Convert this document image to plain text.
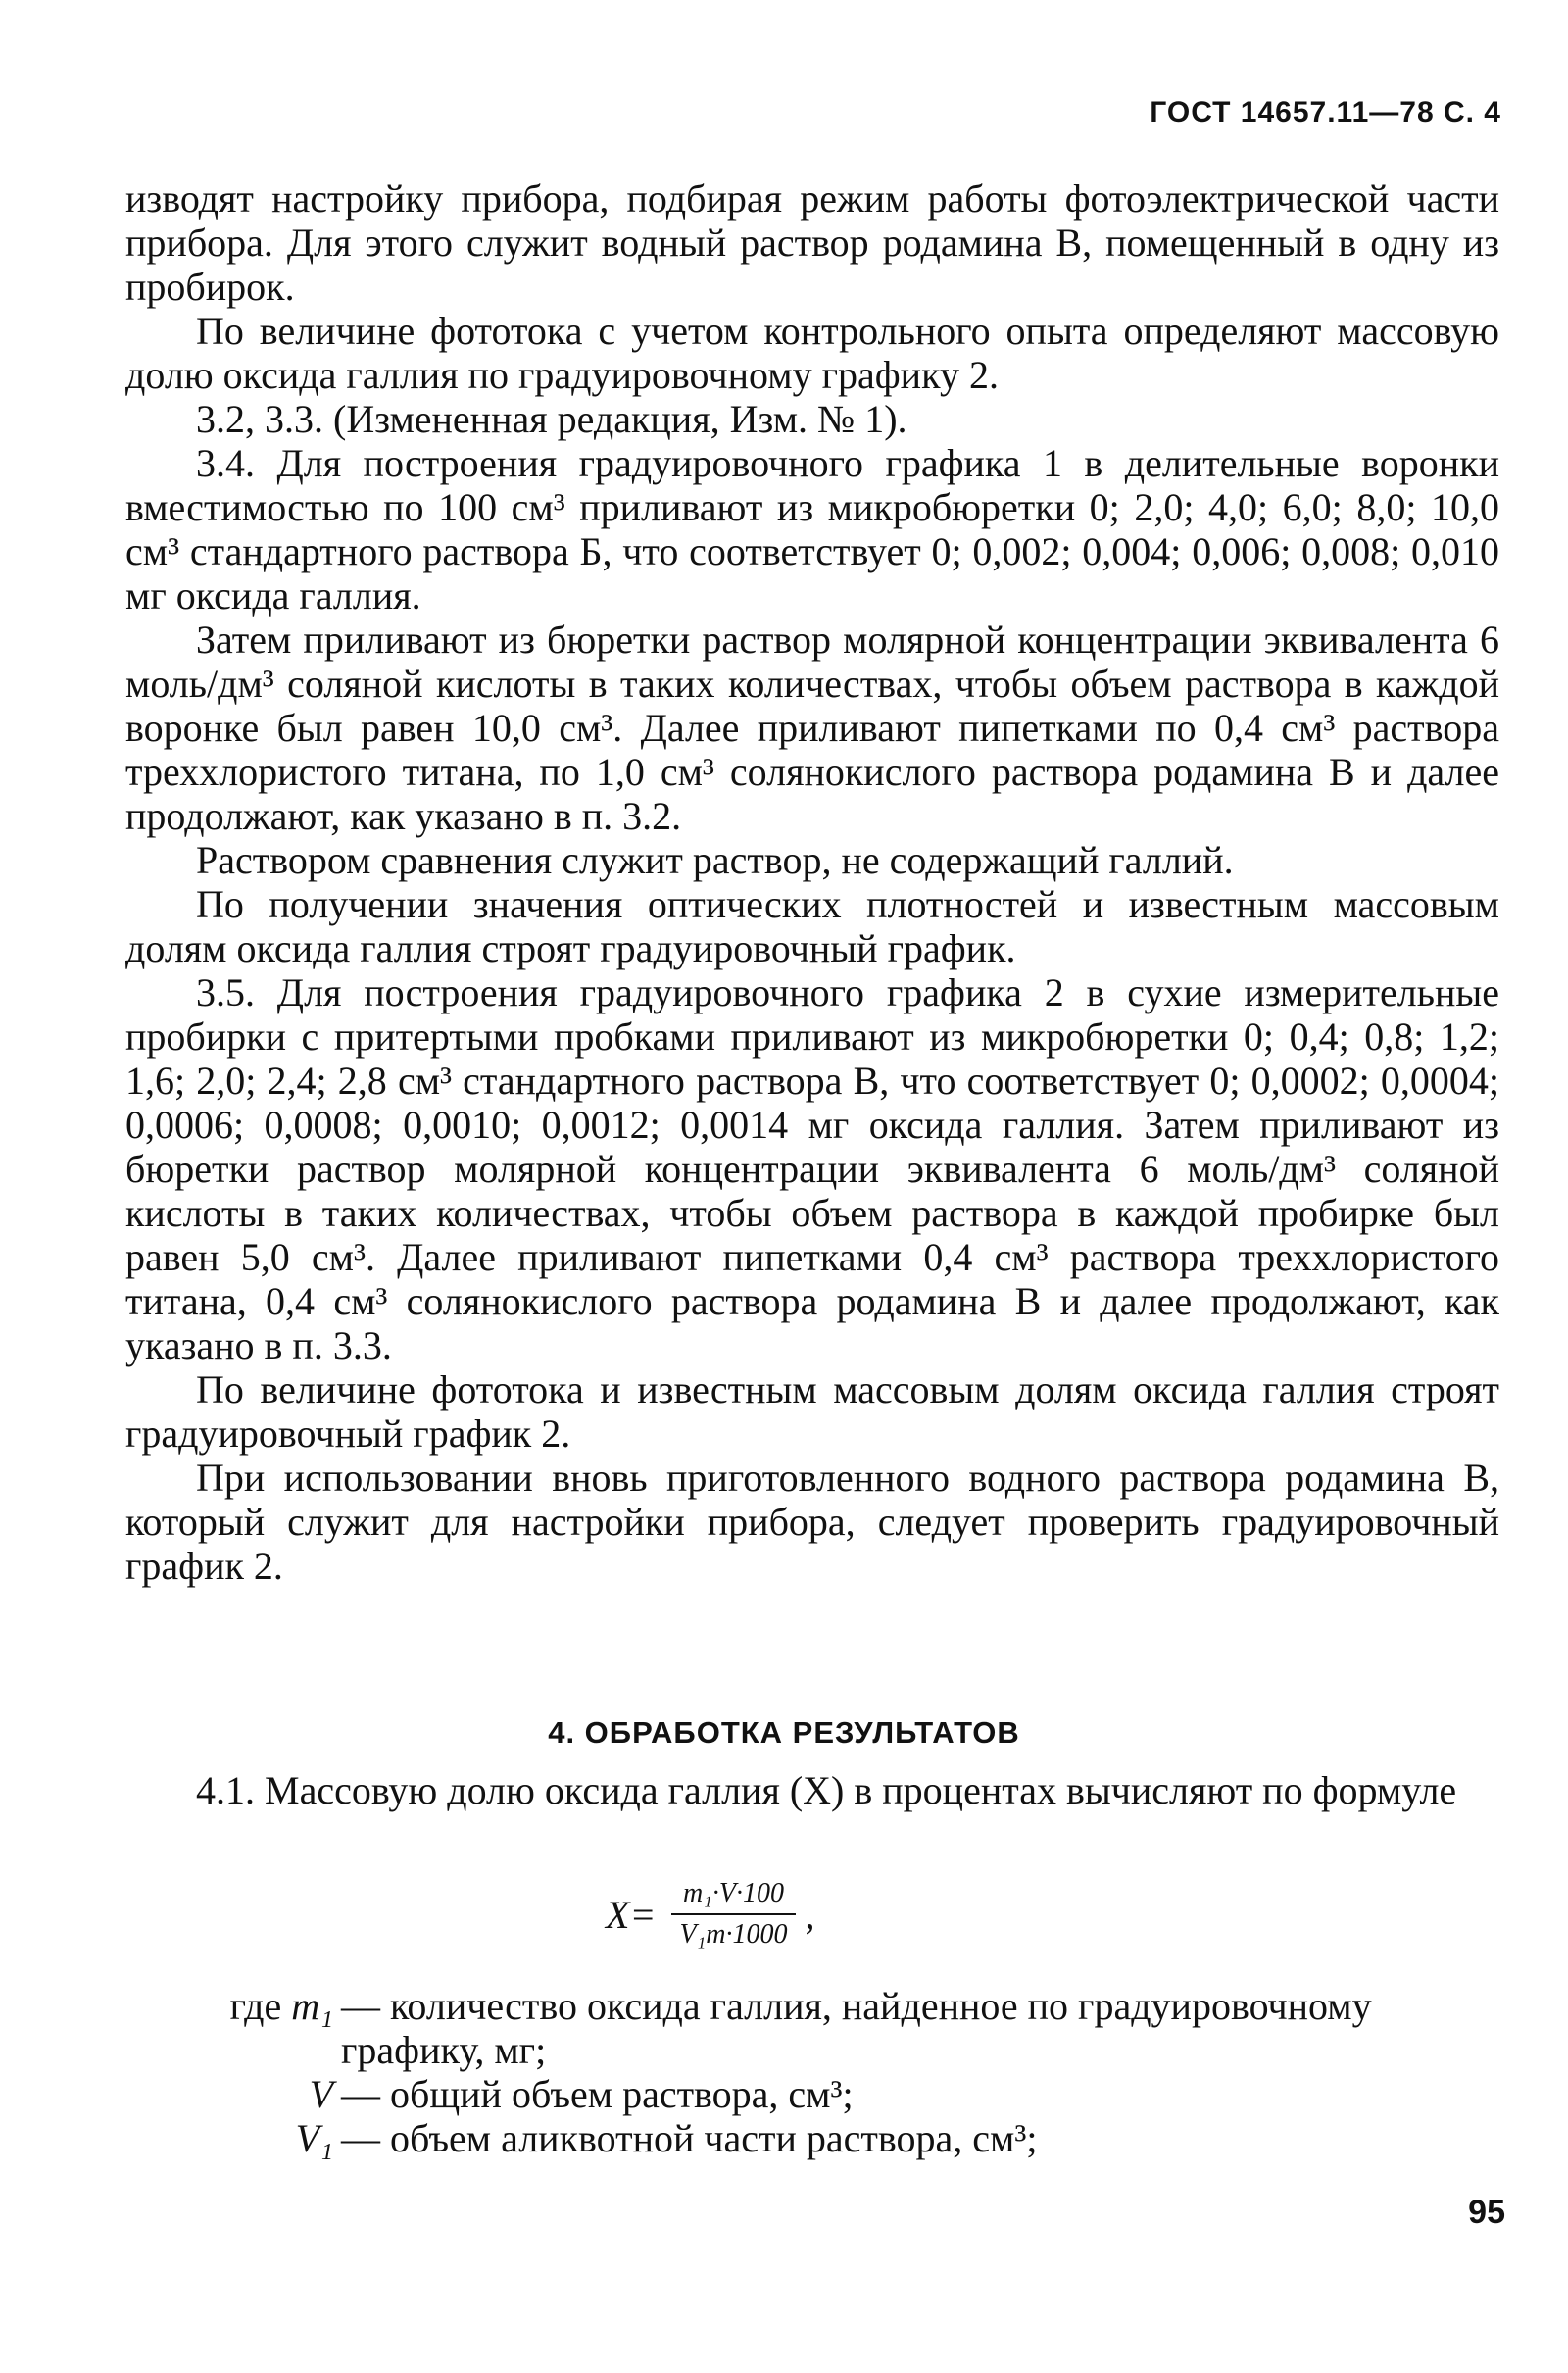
ГОСТ 14657.11—78 С. 4

изводят настройку прибора, подбирая режим работы фотоэлектрической части прибора. Для этого служит водный раствор родамина В, помещенный в одну из пробирок.

По величине фототока с учетом контрольного опыта определяют массовую долю оксида галлия по градуировочному графику 2.

3.2, 3.3. (Измененная редакция, Изм. № 1).

3.4. Для построения градуировочного графика 1 в делительные воронки вместимостью по 100 см³ приливают из микробюретки 0; 2,0; 4,0; 6,0; 8,0; 10,0 см³ стандартного раствора Б, что соответствует 0; 0,002; 0,004; 0,006; 0,008; 0,010 мг оксида галлия.

Затем приливают из бюретки раствор молярной концентрации эквивалента 6 моль/дм³ соляной кислоты в таких количествах, чтобы объем раствора в каждой воронке был равен 10,0 см³. Далее приливают пипетками по 0,4 см³ раствора треххлористого титана, по 1,0 см³ солянокислого раствора родамина В и далее продолжают, как указано в п. 3.2.

Раствором сравнения служит раствор, не содержащий галлий.

По получении значения оптических плотностей и известным массовым долям оксида галлия строят градуировочный график.

3.5. Для построения градуировочного графика 2 в сухие измерительные пробирки с притертыми пробками приливают из микробюретки 0; 0,4; 0,8; 1,2; 1,6; 2,0; 2,4; 2,8 см³ стандартного раствора В, что соответствует 0; 0,0002; 0,0004; 0,0006; 0,0008; 0,0010; 0,0012; 0,0014 мг оксида галлия. Затем приливают из бюретки раствор молярной концентрации эквивалента 6 моль/дм³ соляной кислоты в таких количествах, чтобы объем раствора в каждой пробирке был равен 5,0 см³. Далее приливают пипетками 0,4 см³ раствора треххлористого титана, 0,4 см³ солянокислого раствора родамина В и далее продолжают, как указано в п. 3.3.

По величине фототока и известным массовым долям оксида галлия строят градуировочный график 2.

При использовании вновь приготовленного водного раствора родамина В, который служит для настройки прибора, следует проверить градуировочный график 2.

4. ОБРАБОТКА РЕЗУЛЬТАТОВ

4.1. Массовую долю оксида галлия (X) в процентах вычисляют по формуле

$X= \frac{\text{m₁·V·100}}{\text{V₁m·1000}}$ ,
где m₁ — количество оксида галлия, найденное по градуировочному графику, мг;
V — общий объем раствора, см³;
V₁ — объем аликвотной части раствора, см³;
95
